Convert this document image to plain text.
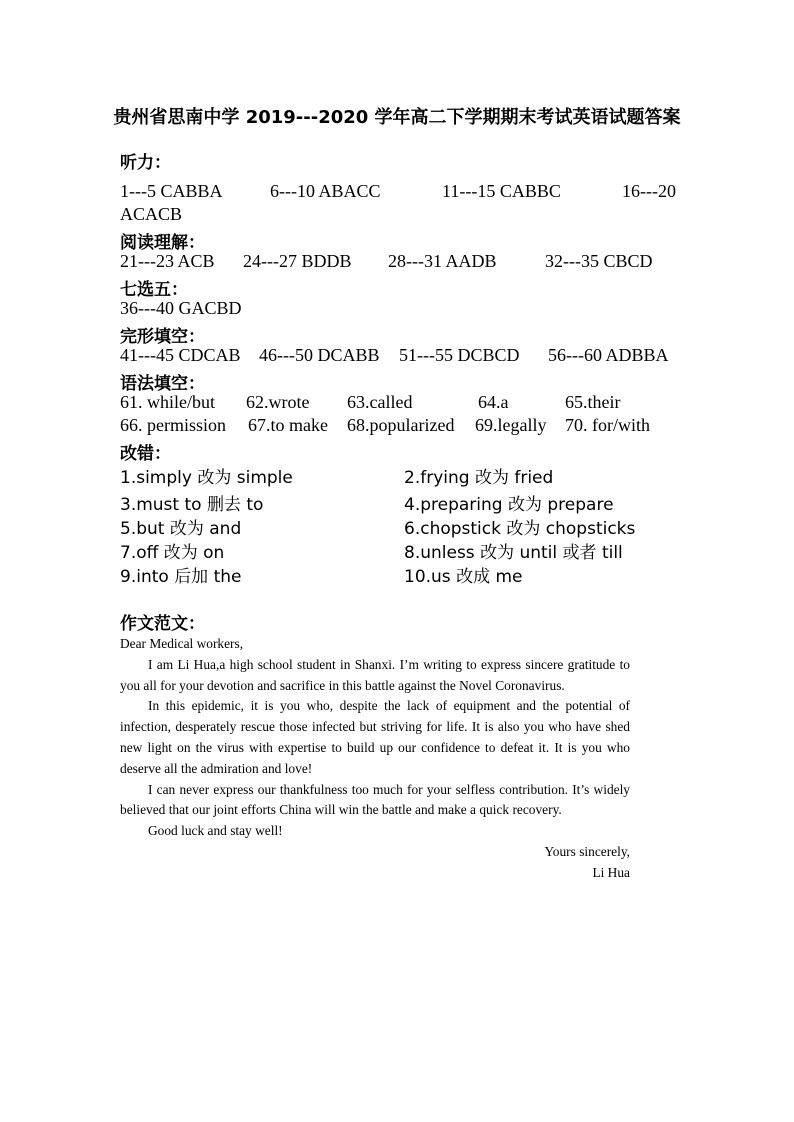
贵州省思南中学 2019---2020 学年高二下学期期末考试英语试题答案
听力：
1---5 CABBA	6---10 ABACC	11---15 CABBC	16---20
ACACB
阅读理解：
21---23 ACB 24---27 BDDB 28---31 AADB	32---35 CBCD
七选五：
36---40 GACBD
完形填空：
41---45 CDCAB 46---50 DCABB 51---55 DCBCD 56---60 ADBBA
语法填空：
61. while/but 62.wrote 63.called	64.a	65.their
66. permission 67.to make 68.popularized 69.legally 70. for/with
改错：
1.simply 改为 simple	2.frying 改为 fried
3.must to 删去 to	4.preparing 改为 prepare
5.but 改为 and	6.chopstick 改为 chopsticks
7.off 改为 on	8.unless 改为 until 或者 till
9.into 后加 the	10.us 改成 me
作文范文：

Dear Medical workers,

I am Li Hua,a high school student in Shanxi. I’m writing to express sincere gratitude to you all for your devotion and sacrifice in this battle against the Novel Coronavirus.

In this epidemic, it is you who, despite the lack of equipment and the potential of infection, desperately rescue those infected but striving for life. It is also you who have shed new light on the virus with expertise to build up our confidence to defeat it. It is you who deserve all the admiration and love!

I can never express our thankfulness too much for your selfless contribution. It’s widely believed that our joint efforts China will win the battle and make a quick recovery.

Good luck and stay well!

Yours sincerely,

Li Hua
